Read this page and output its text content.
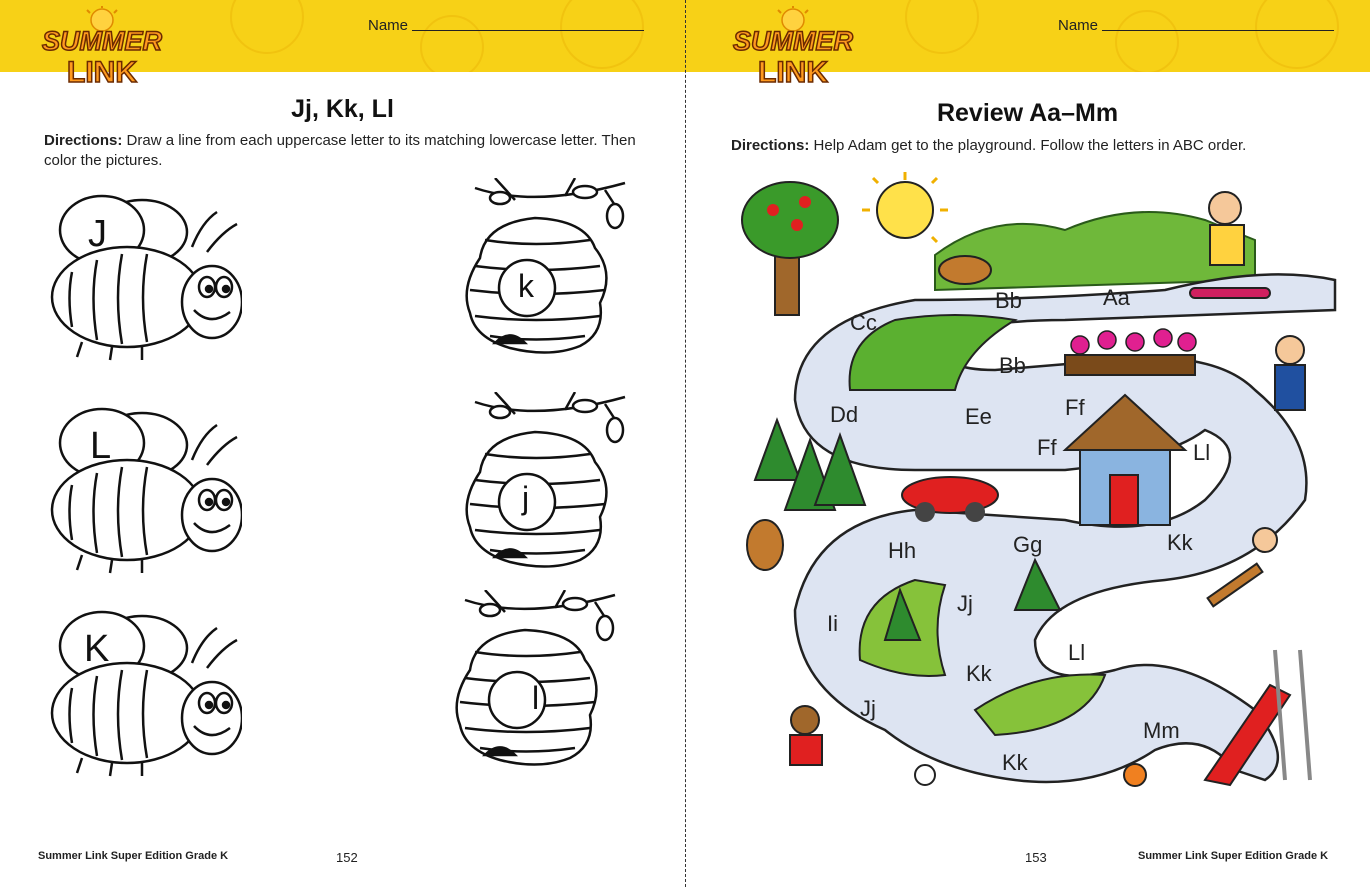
SUMMER
LINK
Name
Jj, Kk, Ll
Directions: Draw a line from each uppercase letter to its matching lowercase letter. Then color the pictures.
J
L
K
k
j
l
Summer Link Super Edition Grade K	152
SUMMER
LINK
Name
Review Aa–Mm
Directions: Help Adam get to the playground. Follow the letters in ABC order.
Aa
Bb
Cc
Bb
Dd	Ee	Ff
Ff	Ll
Gg
Hh	Kk
Ii
Jj
Ll
Kk
Jj
Mm
Kk
153	Summer Link Super Edition Grade K
